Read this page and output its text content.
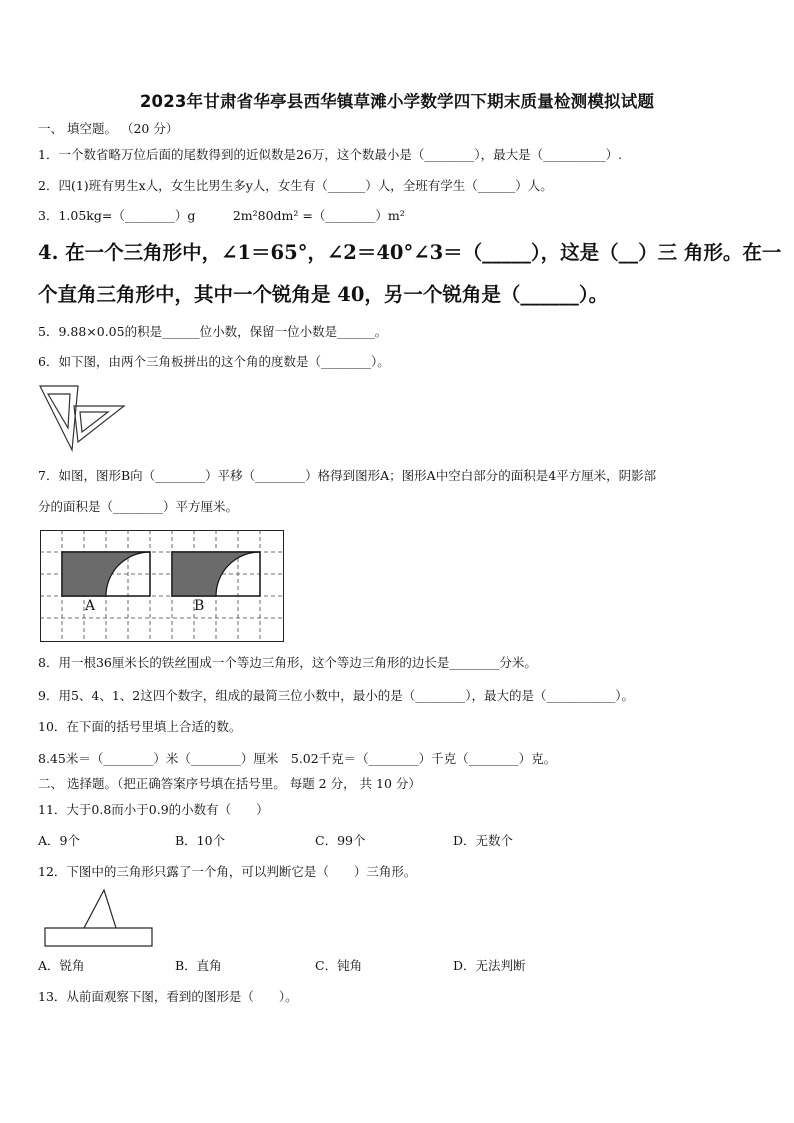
2023年甘肃省华亭县西华镇草滩小学数学四下期末质量检测模拟试题
一、 填空题。 （20 分）
1．一个数省略万位后面的尾数得到的近似数是26万，这个数最小是（________），最大是（__________）.
2．四(1)班有男生x人，女生比男生多y人，女生有（______）人，全班有学生（______）人。
3．1.05kg=（________）g　　　2m²80dm² =（________）m²
4. 在一个三角形中，∠1＝65°，∠2＝40°∠3＝（_____），这是（__）三 角形。在一
个直角三角形中，其中一个锐角是 40，另一个锐角是（______）。
5．9.88×0.05的积是______位小数，保留一位小数是______。
6．如下图，由两个三角板拼出的这个角的度数是（________）。
7．如图，图形B向（________）平移（________）格得到图形A；图形A中空白部分的面积是4平方厘米，阴影部
分的面积是（________）平方厘米。
A	B
8．用一根36厘米长的铁丝围成一个等边三角形，这个等边三角形的边长是________分米。
9．用5、4、1、2这四个数字，组成的最简三位小数中，最小的是（________），最大的是（___________）。
10．在下面的括号里填上合适的数。
8.45米＝（________）米（________）厘米　5.02千克＝（________）千克（________）克。
二、 选择题。（把正确答案序号填在括号里。 每题 2 分， 共 10 分）
11．大于0.8而小于0.9的小数有（　　）
A．9个	B．10个	C．99个	D．无数个
12．下图中的三角形只露了一个角，可以判断它是（　　）三角形。
A．锐角	B．直角	C．钝角	D．无法判断
13．从前面观察下图，看到的图形是（　　）。
